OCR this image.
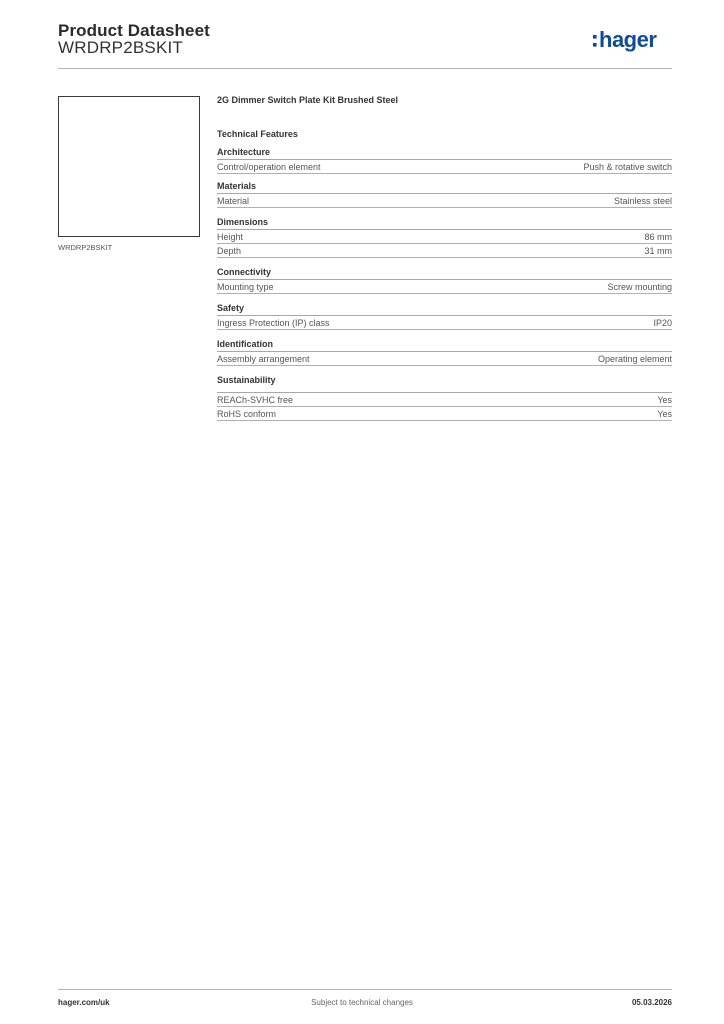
Product Datasheet
WRDRP2BSKIT	hager
WRDRP2BSKIT
2G Dimmer Switch Plate Kit Brushed Steel
Technical Features
Architecture
Control/operation element	Push & rotative switch
Materials
Material	Stainless steel
Dimensions
Height	86 mm
Depth	31 mm
Connectivity
Mounting type	Screw mounting
Safety
Ingress Protection (IP) class	IP20
Identification
Assembly arrangement	Operating element
Sustainability
REACh-SVHC free	Yes
RoHS conform	Yes
hager.com/uk	Subject to technical changes	05.03.2026
